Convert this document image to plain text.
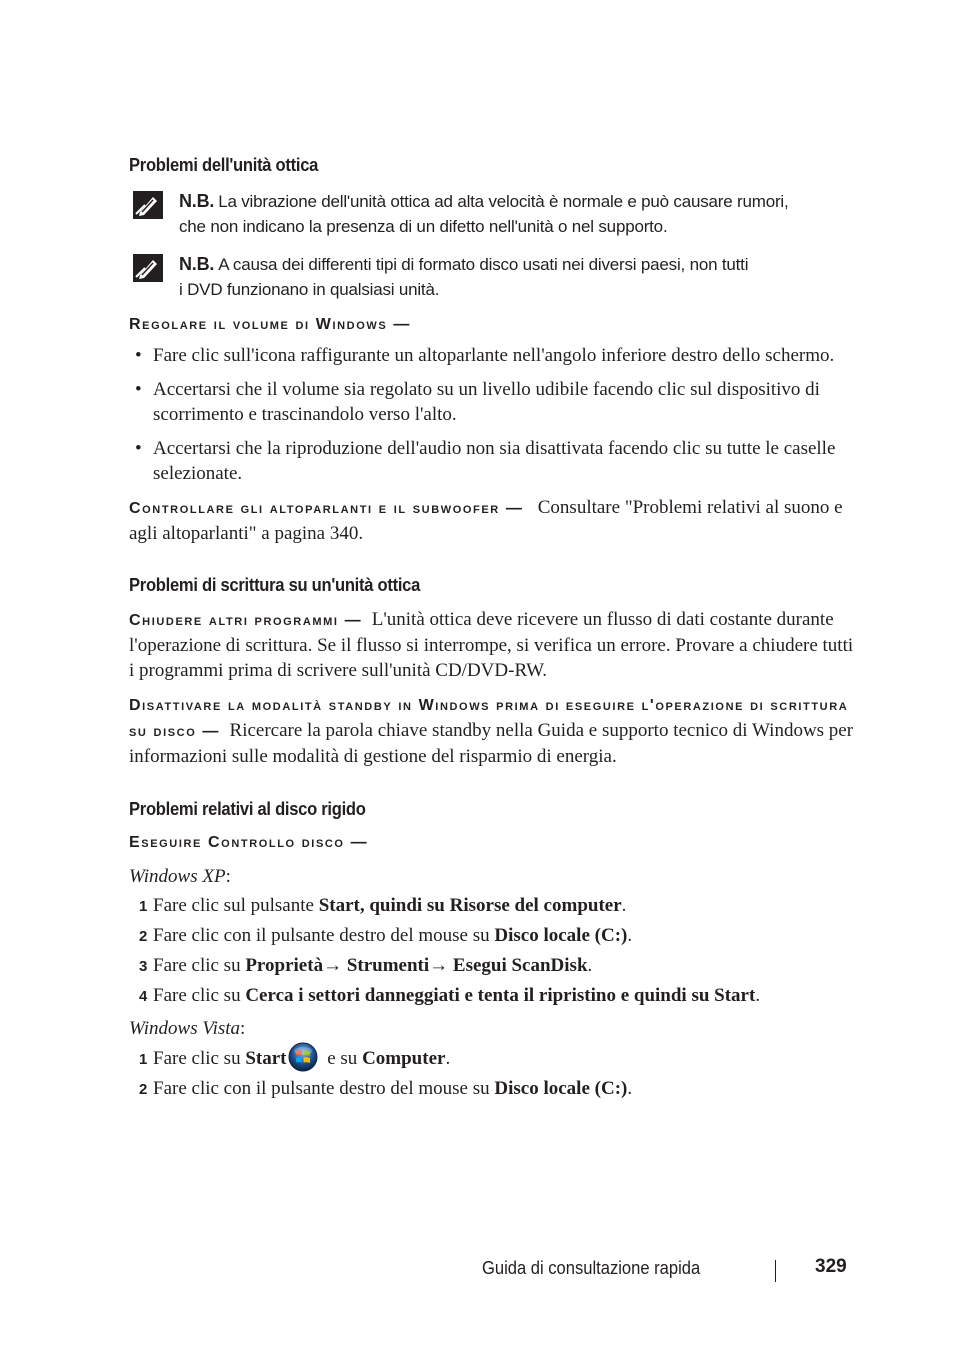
Problemi dell'unità ottica
N.B. La vibrazione dell'unità ottica ad alta velocità è normale e può causare rumori,
che non indicano la presenza di un difetto nell'unità o nel supporto.
N.B. A causa dei differenti tipi di formato disco usati nei diversi paesi, non tutti
i DVD funzionano in qualsiasi unità.
Regolare il volume di Windows —
• Fare clic sull'icona raffigurante un altoparlante nell'angolo inferiore destro dello schermo.
• Accertarsi che il volume sia regolato su un livello udibile facendo clic sul dispositivo di scorrimento e trascinandolo verso l'alto.
• Accertarsi che la riproduzione dell'audio non sia disattivata facendo clic su tutte le caselle selezionate.

Controllare gli altoparlanti e il subwoofer — Consultare "Problemi relativi al suono e agli altoparlanti" a pagina 340.

Problemi di scrittura su un'unità ottica

Chiudere altri programmi — L'unità ottica deve ricevere un flusso di dati costante durante l'operazione di scrittura. Se il flusso si interrompe, si verifica un errore. Provare a chiudere tutti i programmi prima di scrivere sull'unità CD/DVD-RW.

Disattivare la modalità standby in Windows prima di eseguire l'operazione di scrittura su disco — Ricercare la parola chiave standby nella Guida e supporto tecnico di Windows per informazioni sulle modalità di gestione del risparmio di energia.

Problemi relativi al disco rigido
Eseguire Controllo disco —

Windows XP:

1 Fare clic sul pulsante Start, quindi su Risorse del computer.
2 Fare clic con il pulsante destro del mouse su Disco locale (C:).
3 Fare clic su Proprietà→ Strumenti→ Esegui ScanDisk.
4 Fare clic su Cerca i settori danneggiati e tenta il ripristino e quindi su Start.

Windows Vista:

1 Fare clic su Start e su Computer.
2 Fare clic con il pulsante destro del mouse su Disco locale (C:).
Guida di consultazione rapida	329
